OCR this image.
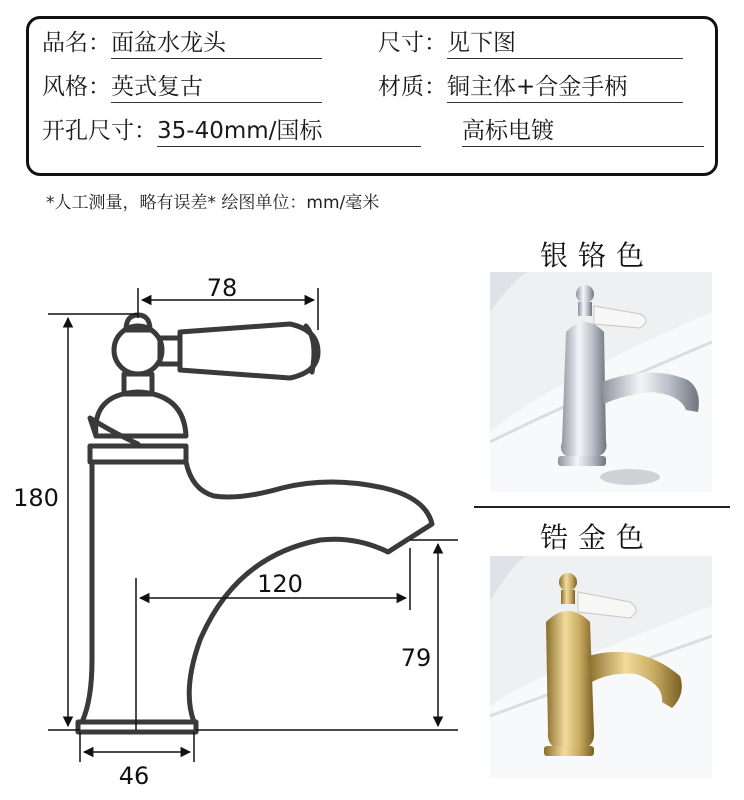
品名：面盆水龙头	尺寸：见下图
风格：英式复古	材质：铜主体+合金手柄
开孔尺寸：35-40mm/国标	高标电镀
*人工测量，略有误差* 绘图单位：mm/毫米
78
180
120
79
46
银铬色
锆金色
